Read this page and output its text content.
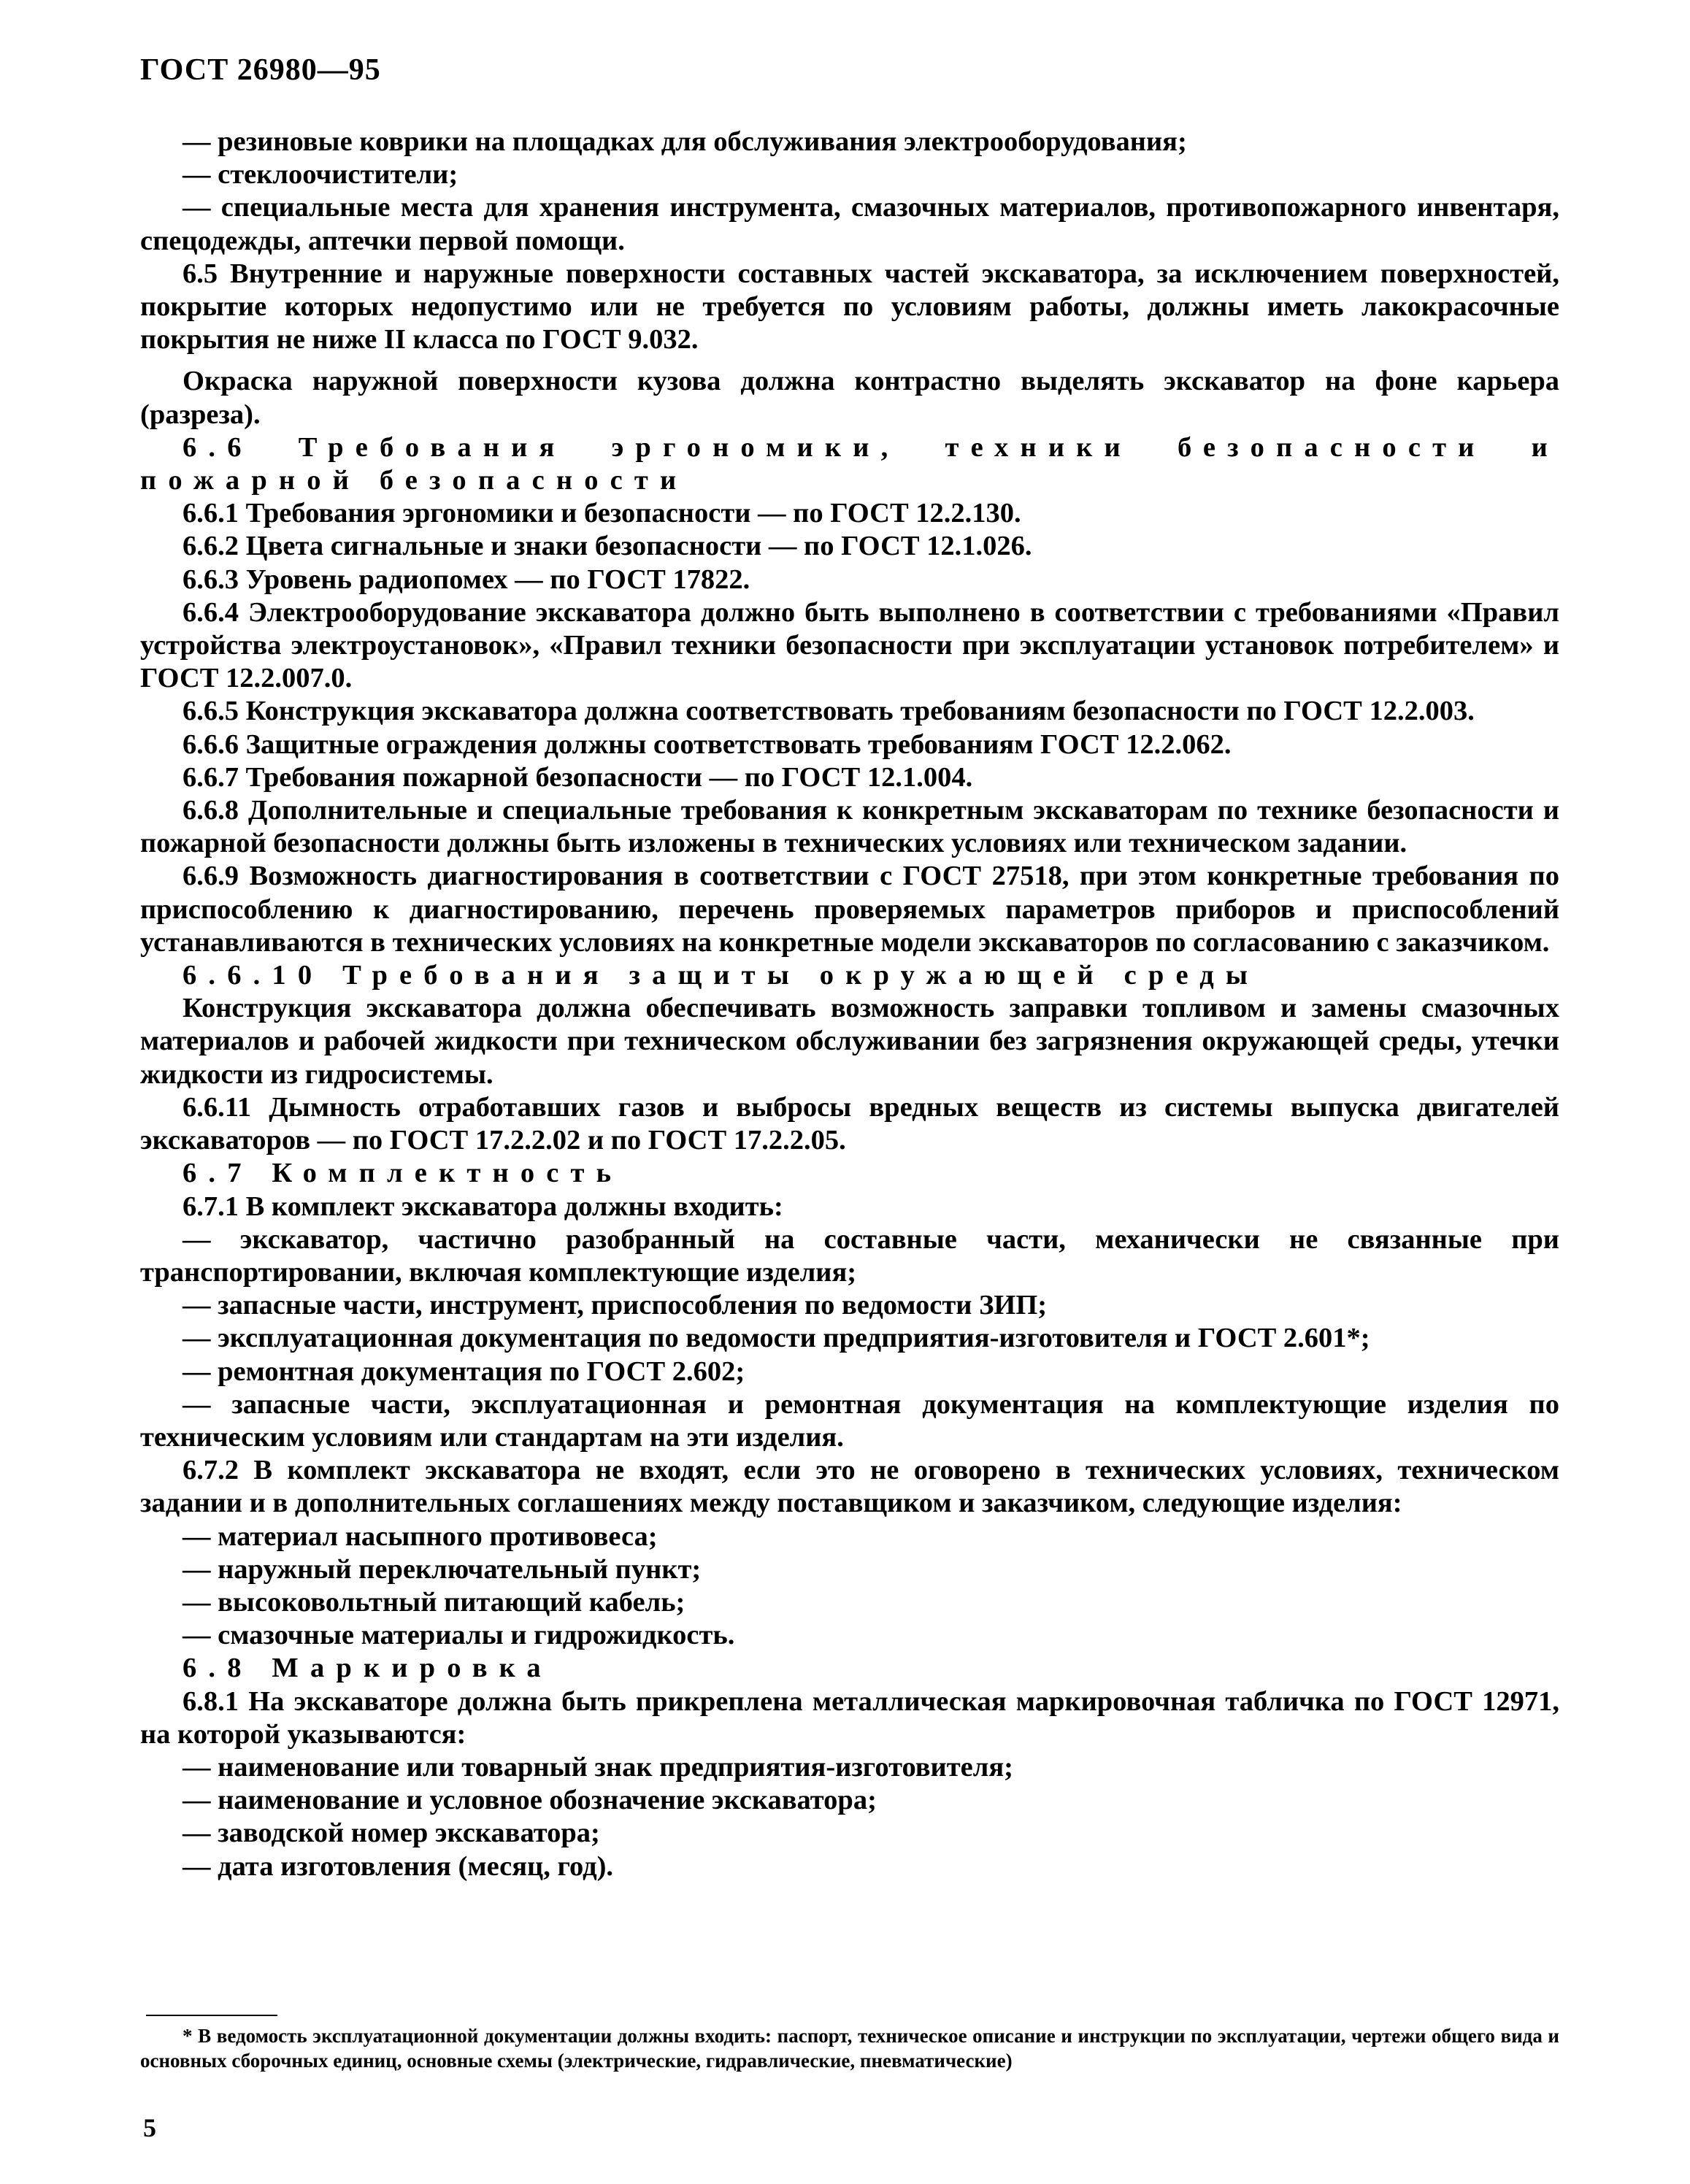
ГОСТ 26980—95

— резиновые коврики на площадках для обслуживания электрооборудования;

— стеклоочистители;

— специальные места для хранения инструмента, смазочных материалов, противопожарного инвентаря, спецодежды, аптечки первой помощи.

6.5 Внутренние и наружные поверхности составных частей экскаватора, за исключением поверхностей, покрытие которых недопустимо или не требуется по условиям работы, должны иметь лакокрасочные покрытия не ниже II класса по ГОСТ 9.032.

Окраска наружной поверхности кузова должна контрастно выделять экскаватор на фоне карьера (разреза).

6.6 Требования эргономики, техники безопасности и пожарной безопасности

6.6.1 Требования эргономики и безопасности — по ГОСТ 12.2.130.

6.6.2 Цвета сигнальные и знаки безопасности — по ГОСТ 12.1.026.

6.6.3 Уровень радиопомех — по ГОСТ 17822.

6.6.4 Электрооборудование экскаватора должно быть выполнено в соответствии с требованиями «Правил устройства электроустановок», «Правил техники безопасности при эксплуатации установок потребителем» и ГОСТ 12.2.007.0.

6.6.5 Конструкция экскаватора должна соответствовать требованиям безопасности по ГОСТ 12.2.003.

6.6.6 Защитные ограждения должны соответствовать требованиям ГОСТ 12.2.062.

6.6.7 Требования пожарной безопасности — по ГОСТ 12.1.004.

6.6.8 Дополнительные и специальные требования к конкретным экскаваторам по технике безопасности и пожарной безопасности должны быть изложены в технических условиях или техническом задании.

6.6.9 Возможность диагностирования в соответствии с ГОСТ 27518, при этом конкретные требования по приспособлению к диагностированию, перечень проверяемых параметров приборов и приспособлений устанавливаются в технических условиях на конкретные модели экскаваторов по согласованию с заказчиком.

6.6.10 Требования защиты окружающей среды

Конструкция экскаватора должна обеспечивать возможность заправки топливом и замены смазочных материалов и рабочей жидкости при техническом обслуживании без загрязнения окружающей среды, утечки жидкости из гидросистемы.

6.6.11 Дымность отработавших газов и выбросы вредных веществ из системы выпуска двигателей экскаваторов — по ГОСТ 17.2.2.02 и по ГОСТ 17.2.2.05.

6.7 Комплектность

6.7.1 В комплект экскаватора должны входить:

— экскаватор, частично разобранный на составные части, механически не связанные при транспортировании, включая комплектующие изделия;

— запасные части, инструмент, приспособления по ведомости ЗИП;

— эксплуатационная документация по ведомости предприятия-изготовителя и ГОСТ 2.601*;

— ремонтная документация по ГОСТ 2.602;

— запасные части, эксплуатационная и ремонтная документация на комплектующие изделия по техническим условиям или стандартам на эти изделия.

6.7.2 В комплект экскаватора не входят, если это не оговорено в технических условиях, техническом задании и в дополнительных соглашениях между поставщиком и заказчиком, следующие изделия:

— материал насыпного противовеса;

— наружный переключательный пункт;

— высоковольтный питающий кабель;

— смазочные материалы и гидрожидкость.

6.8 Маркировка

6.8.1 На экскаваторе должна быть прикреплена металлическая маркировочная табличка по ГОСТ 12971, на которой указываются:

— наименование или товарный знак предприятия-изготовителя;

— наименование и условное обозначение экскаватора;

— заводской номер экскаватора;

— дата изготовления (месяц, год).

* В ведомость эксплуатационной документации должны входить: паспорт, техническое описание и инструкции по эксплуатации, чертежи общего вида и основных сборочных единиц, основные схемы (электрические, гидравлические, пневматические)
5
